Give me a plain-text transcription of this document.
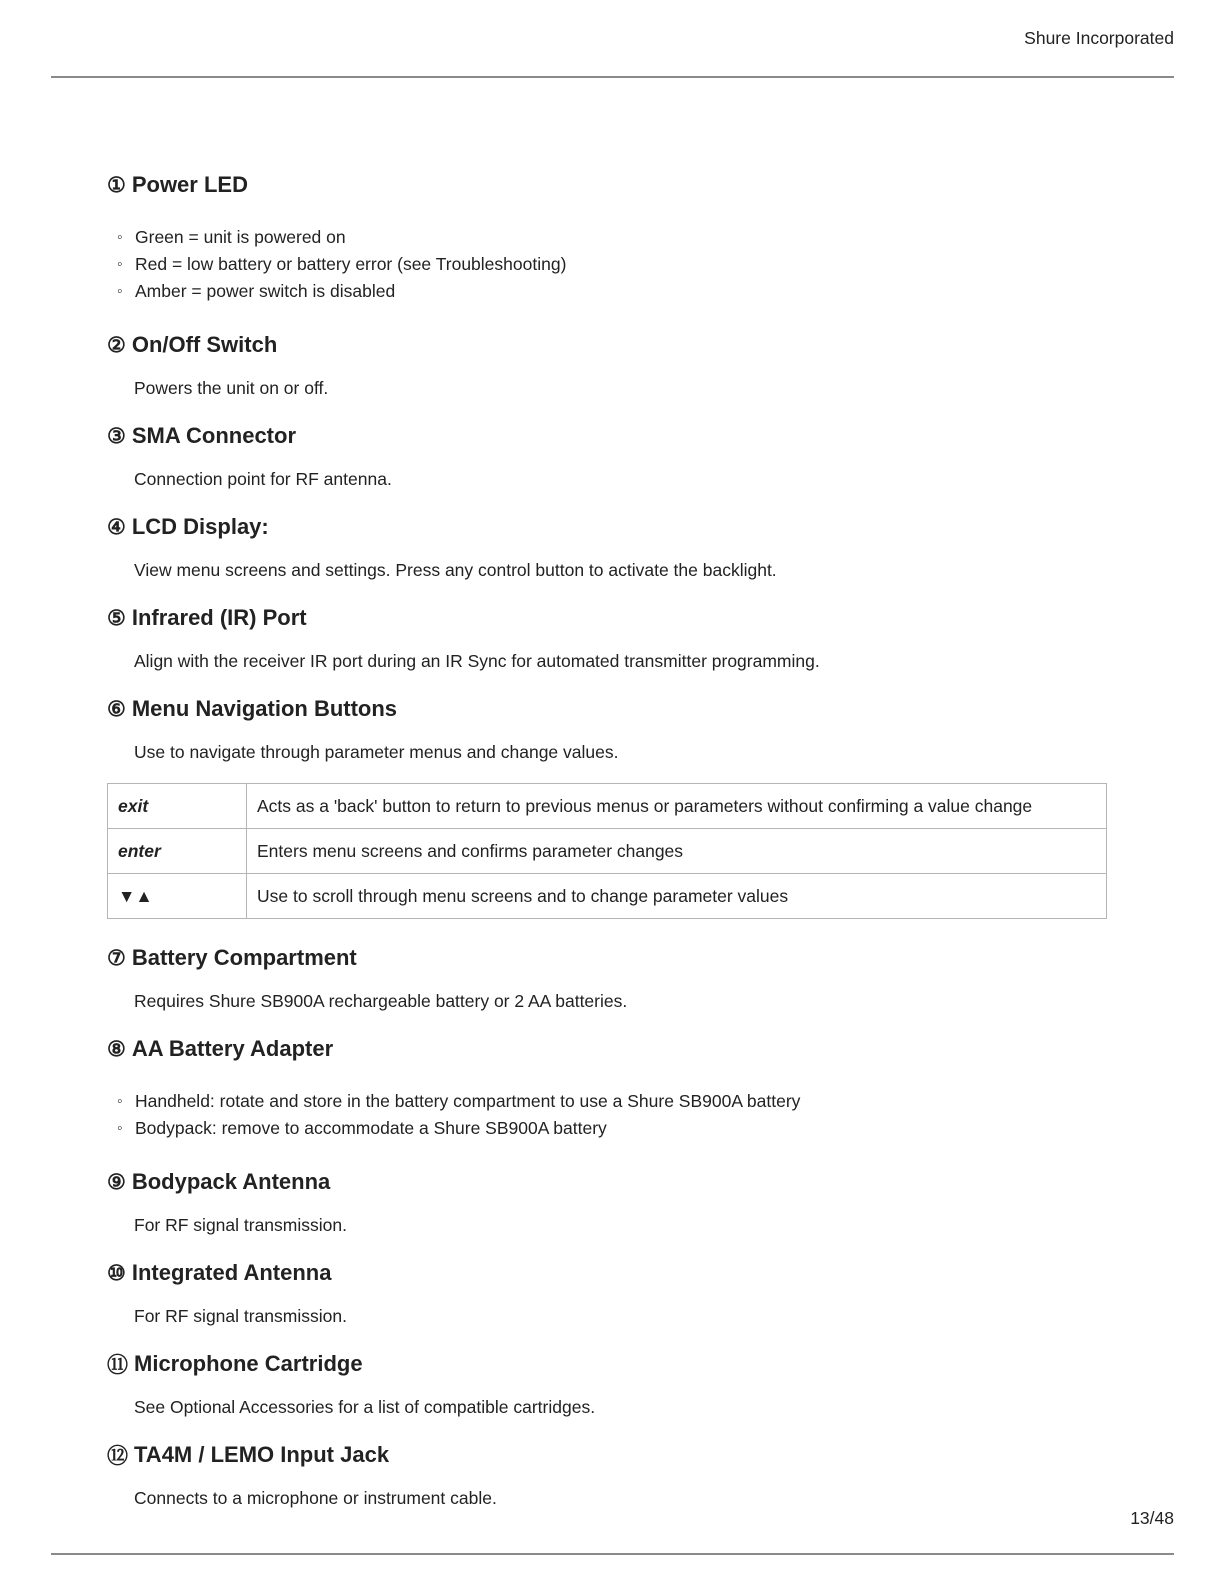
Shure Incorporated
① Power LED
◦ Green = unit is powered on
◦ Red = low battery or battery error (see Troubleshooting)
◦ Amber = power switch is disabled
② On/Off Switch

Powers the unit on or off.

③ SMA Connector

Connection point for RF antenna.

④ LCD Display:

View menu screens and settings. Press any control button to activate the backlight.

⑤ Infrared (IR) Port

Align with the receiver IR port during an IR Sync for automated transmitter programming.

⑥ Menu Navigation Buttons

Use to navigate through parameter menus and change values.

exit	Acts as a 'back' button to return to previous menus or parameters without confirming a value change
enter	Enters menu screens and confirms parameter changes
▼▲	Use to scroll through menu screens and to change parameter values
⑦ Battery Compartment

Requires Shure SB900A rechargeable battery or 2 AA batteries.

⑧ AA Battery Adapter
◦ Handheld: rotate and store in the battery compartment to use a Shure SB900A battery
◦ Bodypack: remove to accommodate a Shure SB900A battery
⑨ Bodypack Antenna

For RF signal transmission.

⑩ Integrated Antenna

For RF signal transmission.

⑪ Microphone Cartridge

See Optional Accessories for a list of compatible cartridges.

⑫ TA4M / LEMO Input Jack

Connects to a microphone or instrument cable.

13/48
